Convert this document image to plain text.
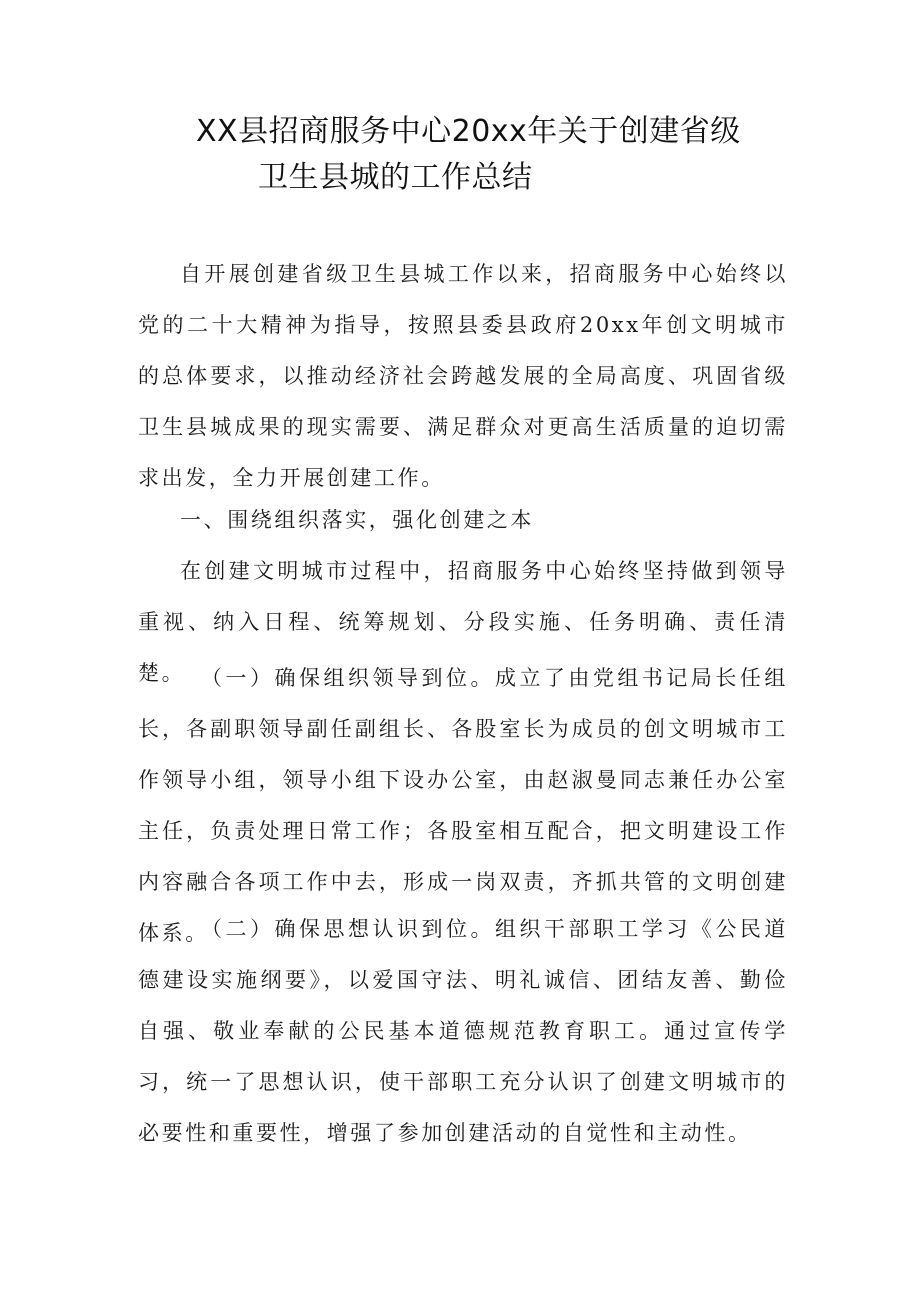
XX县招商服务中心20xx年关于创建省级
卫生县城的工作总结

自开展创建省级卫生县城工作以来，招商服务中心始终以党的二十大精神为指导，按照县委县政府20xx年创文明城市的总体要求，以推动经济社会跨越发展的全局高度、巩固省级卫生县城成果的现实需要、满足群众对更高生活质量的迫切需求出发，全力开展创建工作。

一、围绕组织落实，强化创建之本

在创建文明城市过程中，招商服务中心始终坚持做到领导重视、纳入日程、统筹规划、分段实施、任务明确、责任清楚。 （一）确保组织领导到位。成立了由党组书记局长任组长，各副职领导副任副组长、各股室长为成员的创文明城市工作领导小组，领导小组下设办公室，由赵淑曼同志兼任办公室主任，负责处理日常工作；各股室相互配合，把文明建设工作内容融合各项工作中去，形成一岗双责，齐抓共管的文明创建体系。

（二）确保思想认识到位。组织干部职工学习《公民道德建设实施纲要》，以爱国守法、明礼诚信、团结友善、勤俭自强、敬业奉献的公民基本道德规范教育职工。通过宣传学习，统一了思想认识，使干部职工充分认识了创建文明城市的必要性和重要性，增强了参加创建活动的自觉性和主动性。
